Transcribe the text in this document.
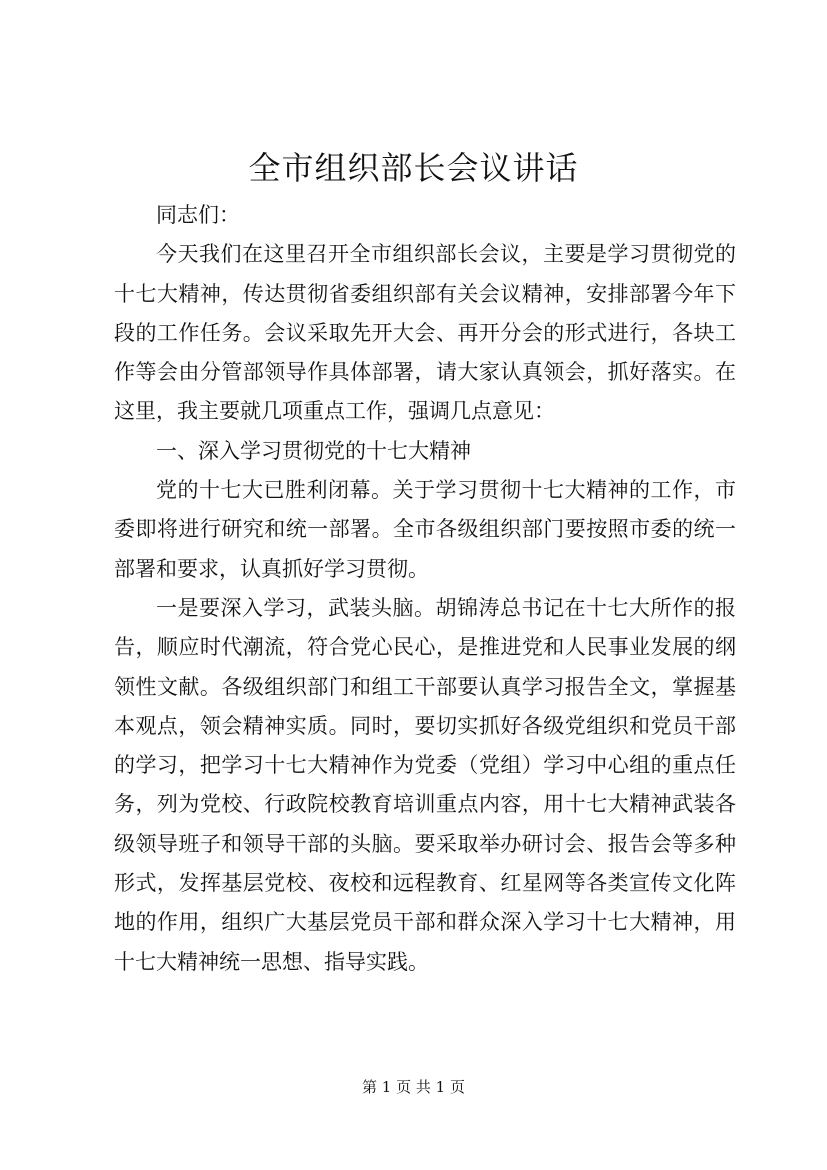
全市组织部长会议讲话

同志们：

今天我们在这里召开全市组织部长会议，主要是学习贯彻党的十七大精神，传达贯彻省委组织部有关会议精神，安排部署今年下段的工作任务。会议采取先开大会、再开分会的形式进行，各块工作等会由分管部领导作具体部署，请大家认真领会，抓好落实。在这里，我主要就几项重点工作，强调几点意见：

一、深入学习贯彻党的十七大精神

党的十七大已胜利闭幕。关于学习贯彻十七大精神的工作，市委即将进行研究和统一部署。全市各级组织部门要按照市委的统一部署和要求，认真抓好学习贯彻。

一是要深入学习，武装头脑。胡锦涛总书记在十七大所作的报告，顺应时代潮流，符合党心民心，是推进党和人民事业发展的纲领性文献。各级组织部门和组工干部要认真学习报告全文，掌握基本观点，领会精神实质。同时，要切实抓好各级党组织和党员干部的学习，把学习十七大精神作为党委（党组）学习中心组的重点任务，列为党校、行政院校教育培训重点内容，用十七大精神武装各级领导班子和领导干部的头脑。要采取举办研讨会、报告会等多种形式，发挥基层党校、夜校和远程教育、红星网等各类宣传文化阵地的作用，组织广大基层党员干部和群众深入学习十七大精神，用十七大精神统一思想、指导实践。

第 1 页 共 1 页
